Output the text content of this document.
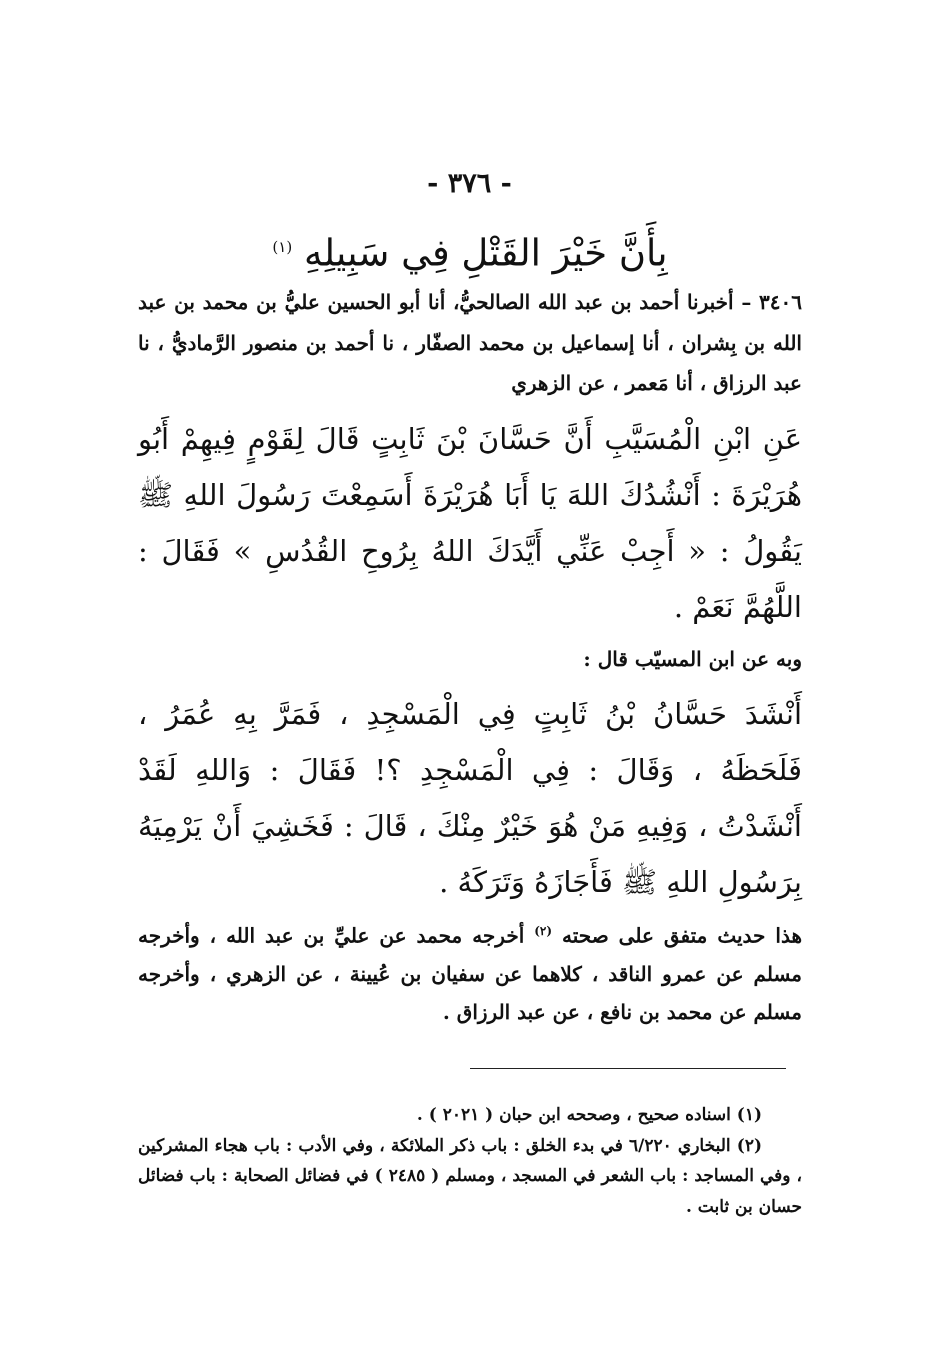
- ٣٧٦ -
بِأَنَّ خَيْرَ القَتْلِ فِي سَبِيلِهِ $^{(١)}$
٣٤٠٦ – أخبرنا أحمد بن عبد الله الصالحيُّ، أنا أبو الحسين عليُّ بن محمد بن عبد الله بن بِشران ، أنا إسماعيل بن محمد الصفّار ، نا أحمد بن منصور الرَّماديُّ ، نا عبد الرزاق ، أنا مَعمر ، عن الزهري
عَنِ ابْنِ الْمُسَيَّبِ أَنَّ حَسَّانَ بْنَ ثَابِتٍ قَالَ لِقَوْمٍ فِيهِمْ أَبُو هُرَيْرَةَ : أَنْشُدُكَ اللهَ يَا أَبَا هُرَيْرَةَ أَسَمِعْتَ رَسُولَ اللهِ ﷺ يَقُولُ : « أَجِبْ عَنِّي أَيَّدَكَ اللهُ بِرُوحِ القُدُسِ » فَقَالَ : اللَّهُمَّ نَعَمْ .
وبه عن ابن المسيّب قال :
أَنْشَدَ حَسَّانُ بْنُ ثَابِتٍ فِي الْمَسْجِدِ ، فَمَرَّ بِهِ عُمَرُ ، فَلَحَظَهُ ، وَقَالَ : فِي الْمَسْجِدِ ؟! فَقَالَ : وَاللهِ لَقَدْ أَنْشَدْتُ ، وَفِيهِ مَنْ هُوَ خَيْرٌ مِنْكَ ، قَالَ : فَخَشِيَ أَنْ يَرْمِيَهُ بِرَسُولِ اللهِ ﷺ فَأَجَازَهُ وَتَرَكَهُ .
هذا حديث متفق على صحته $^{(٢)}$ أخرجه محمد عن عليِّ بن عبد الله ، وأخرجه مسلم عن عمرو الناقد ، كلاهما عن سفيان بن عُيينة ، عن الزهري ، وأخرجه مسلم عن محمد بن نافع ، عن عبد الرزاق .

(١) اسناده صحيح ، وصححه ابن حبان ( ٢٠٢١ ) .

(٢) البخاري ٦/٢٢٠ في بدء الخلق : باب ذكر الملائكة ، وفي الأدب : باب هجاء المشركين ، وفي المساجد : باب الشعر في المسجد ، ومسلم ( ٢٤٨٥ ) في فضائل الصحابة : باب فضائل حسان بن ثابت .
